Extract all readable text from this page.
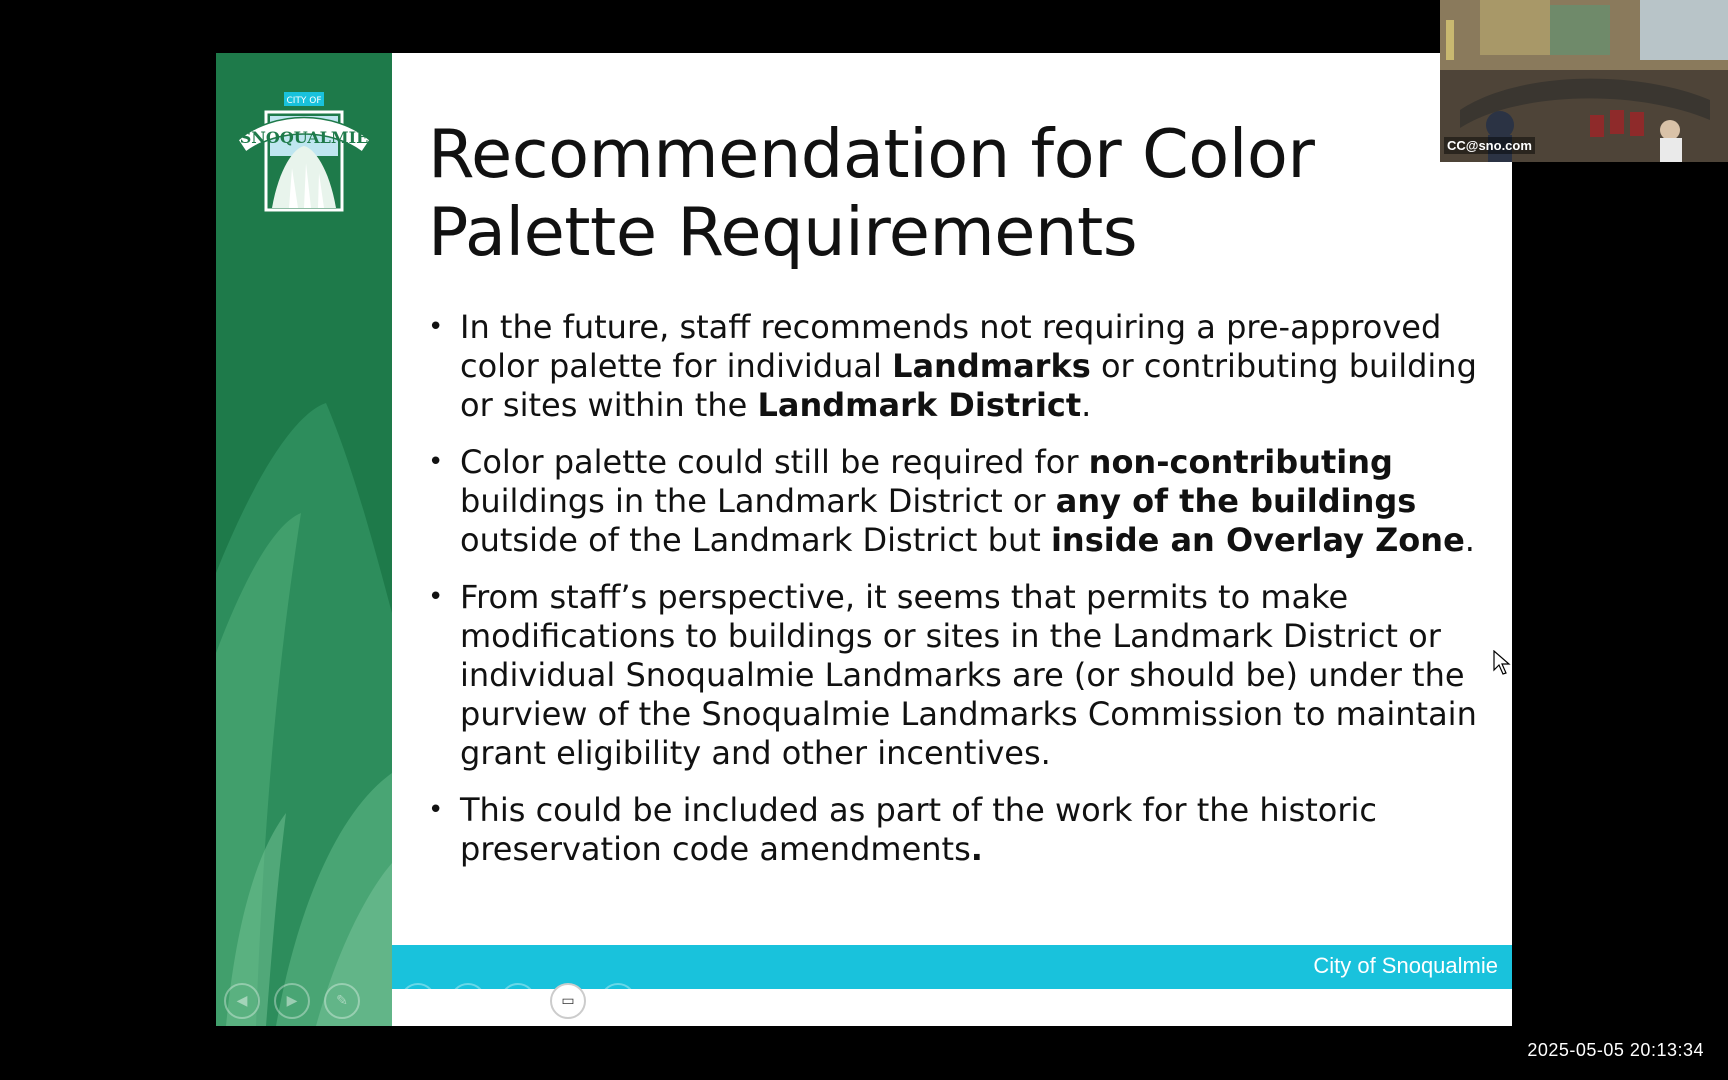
SNOQUALMIE
CITY OF
◀	▶	✎
Recommendation for Color
Palette Requirements
• In the future, staff recommends not requiring a pre-approved color palette for individual Landmarks or contributing building or sites within the Landmark District.
• Color palette could still be required for non-contributing buildings in the Landmark District or any of the buildings outside of the Landmark District but inside an Overlay Zone.
• From staff’s perspective, it seems that permits to make modifications to buildings or sites in the Landmark District or individual Snoqualmie Landmarks are (or should be) under the purview of the Snoqualmie Landmarks Commission to maintain grant eligibility and other incentives.
• This could be included as part of the work for the historic preservation code amendments.
City of Snoqualmie
▦	⌕	▤	▭	⋯
CC@sno.com
2025-05-05 20:13:34
